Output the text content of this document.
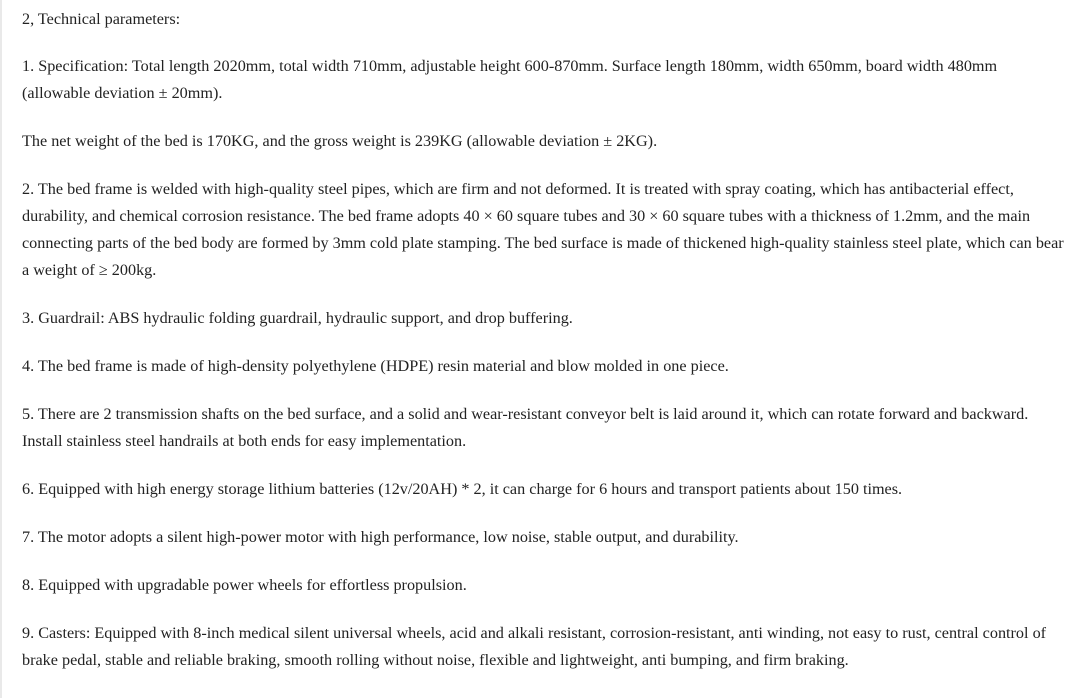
2, Technical parameters:

1. Specification: Total length 2020mm, total width 710mm, adjustable height 600-870mm. Surface length 180mm, width 650mm, board width 480mm (allowable deviation ± 20mm).

The net weight of the bed is 170KG, and the gross weight is 239KG (allowable deviation ± 2KG).

2. The bed frame is welded with high-quality steel pipes, which are firm and not deformed. It is treated with spray coating, which has antibacterial effect, durability, and chemical corrosion resistance. The bed frame adopts 40 × 60 square tubes and 30 × 60 square tubes with a thickness of 1.2mm, and the main connecting parts of the bed body are formed by 3mm cold plate stamping. The bed surface is made of thickened high-quality stainless steel plate, which can bear a weight of ≥ 200kg.

3. Guardrail: ABS hydraulic folding guardrail, hydraulic support, and drop buffering.

4. The bed frame is made of high-density polyethylene (HDPE) resin material and blow molded in one piece.

5. There are 2 transmission shafts on the bed surface, and a solid and wear-resistant conveyor belt is laid around it, which can rotate forward and backward. Install stainless steel handrails at both ends for easy implementation.

6. Equipped with high energy storage lithium batteries (12v/20AH) * 2, it can charge for 6 hours and transport patients about 150 times.

7. The motor adopts a silent high-power motor with high performance, low noise, stable output, and durability.

8. Equipped with upgradable power wheels for effortless propulsion.

9. Casters: Equipped with 8-inch medical silent universal wheels, acid and alkali resistant, corrosion-resistant, anti winding, not easy to rust, central control of brake pedal, stable and reliable braking, smooth rolling without noise, flexible and lightweight, anti bumping, and firm braking.
